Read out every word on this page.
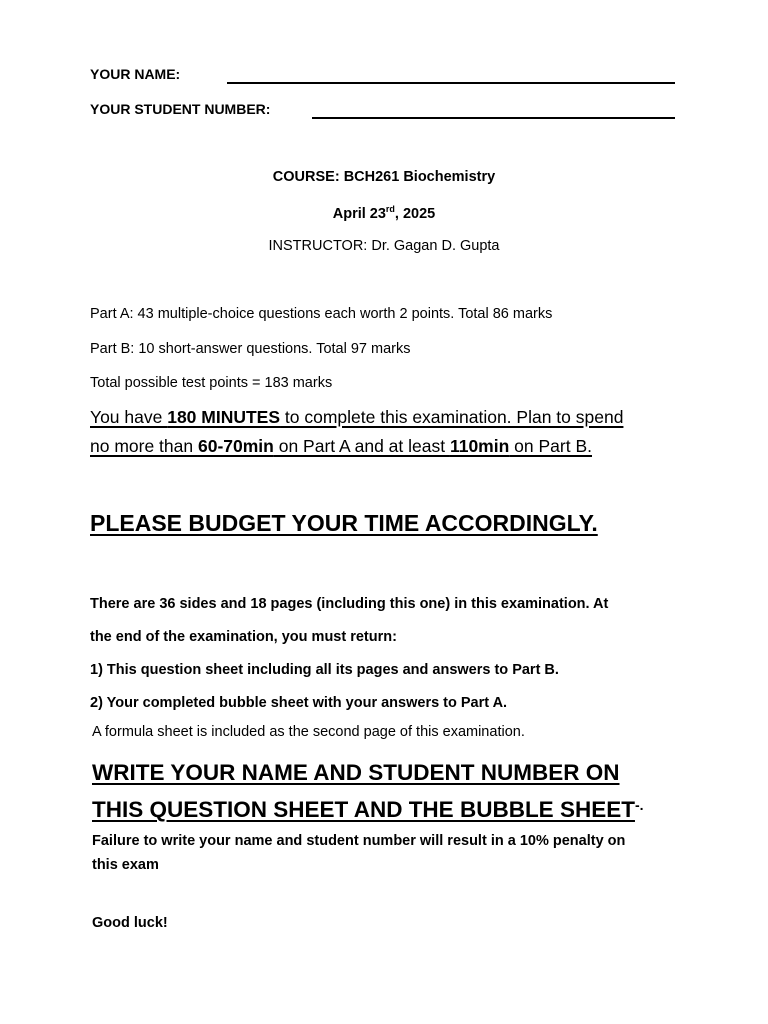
YOUR NAME:
YOUR STUDENT NUMBER:
COURSE: BCH261 Biochemistry
April 23rd, 2025
INSTRUCTOR: Dr. Gagan D. Gupta
Part A: 43 multiple-choice questions each worth 2 points. Total 86 marks
Part B: 10 short-answer questions. Total 97 marks
Total possible test points = 183 marks
You have 180 MINUTES to complete this examination. Plan to spend
no more than 60-70min on Part A and at least 110min on Part B.
PLEASE BUDGET YOUR TIME ACCORDINGLY.
There are 36 sides and 18 pages (including this one) in this examination. At
the end of the examination, you must return:
1) This question sheet including all its pages and answers to Part B.
2) Your completed bubble sheet with your answers to Part A.
A formula sheet is included as the second page of this examination.
WRITE YOUR NAME AND STUDENT NUMBER ON
THIS QUESTION SHEET AND THE BUBBLE SHEET-.
Failure to write your name and student number will result in a 10% penalty on
this exam
Good luck!
